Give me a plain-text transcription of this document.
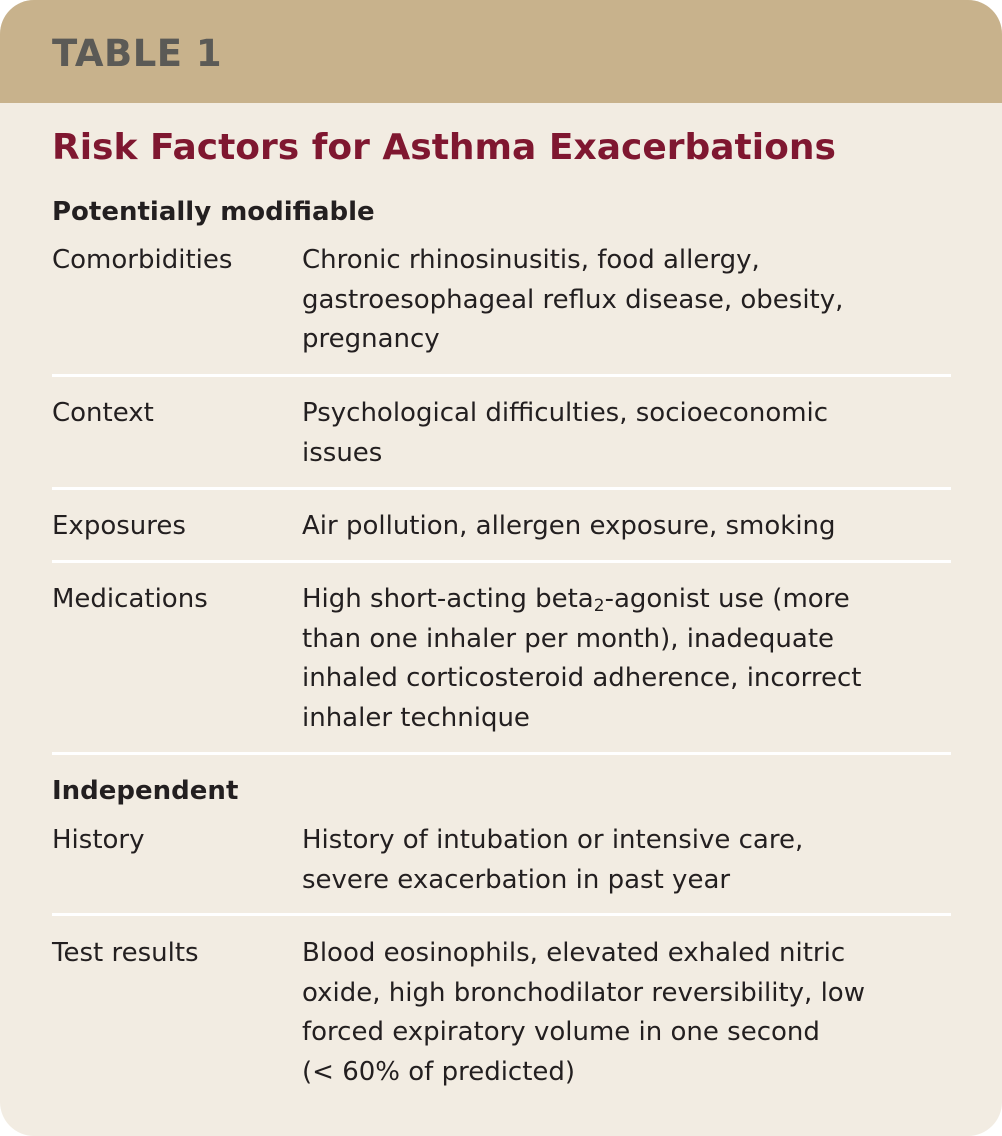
TABLE 1
Risk Factors for Asthma Exacerbations
Potentially modifiable
Comorbidities	Chronic rhinosinusitis, food allergy,
gastroesophageal reflux disease, obesity,
pregnancy
Context	Psychological difficulties, socioeconomic
issues
Exposures	Air pollution, allergen exposure, smoking
Medications	High short-acting beta$_2$-agonist use (more
than one inhaler per month), inadequate
inhaled corticosteroid adherence, incorrect
inhaler technique
Independent
History	History of intubation or intensive care,
severe exacerbation in past year
Test results	Blood eosinophils, elevated exhaled nitric
oxide, high bronchodilator reversibility, low
forced expiratory volume in one second
(< 60% of predicted)
